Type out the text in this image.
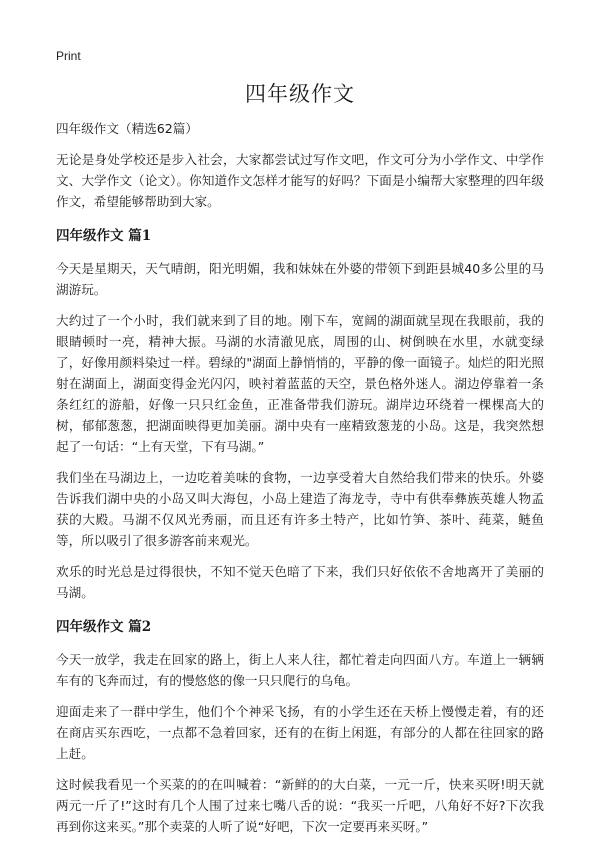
Print
四年级作文

四年级作文（精选62篇）

无论是身处学校还是步入社会，大家都尝试过写作文吧，作文可分为小学作文、中学作文、大学作文（论文）。你知道作文怎样才能写的好吗？下面是小编帮大家整理的四年级作文，希望能够帮助到大家。

四年级作文 篇1

今天是星期天，天气晴朗，阳光明媚，我和妹妹在外婆的带领下到距县城40多公里的马湖游玩。

大约过了一个小时，我们就来到了目的地。刚下车，宽阔的湖面就呈现在我眼前，我的眼睛顿时一亮，精神大振。马湖的水清澈见底，周围的山、树倒映在水里，水就变绿了，好像用颜料染过一样。碧绿的"湖面上静悄悄的，平静的像一面镜子。灿烂的阳光照射在湖面上，湖面变得金光闪闪，映衬着蓝蓝的天空，景色格外迷人。湖边停靠着一条条红红的游船，好像一只只红金鱼，正准备带我们游玩。湖岸边环绕着一棵棵高大的树，郁郁葱葱，把湖面映得更加美丽。湖中央有一座精致葱茏的小岛。这是，我突然想起了一句话：“上有天堂，下有马湖。”

我们坐在马湖边上，一边吃着美味的食物，一边享受着大自然给我们带来的快乐。外婆告诉我们湖中央的小岛又叫大海包，小岛上建造了海龙寺，寺中有供奉彝族英雄人物孟获的大殿。马湖不仅风光秀丽，而且还有许多土特产，比如竹笋、茶叶、莼菜，鲢鱼等，所以吸引了很多游客前来观光。

欢乐的时光总是过得很快，不知不觉天色暗了下来，我们只好依依不舍地离开了美丽的马湖。

四年级作文 篇2

今天一放学，我走在回家的路上，街上人来人往，都忙着走向四面八方。车道上一辆辆车有的飞奔而过，有的慢悠悠的像一只只爬行的乌龟。

迎面走来了一群中学生，他们个个神采飞扬，有的小学生还在天桥上慢慢走着，有的还在商店买东西吃，一点都不急着回家，还有的在街上闲逛，有部分的人都在往回家的路上赶。

这时候我看见一个买菜的的在叫喊着：“新鲜的的大白菜，一元一斤，快来买呀!明天就两元一斤了!”这时有几个人围了过来七嘴八舌的说：“我买一斤吧，八角好不好?下次我再到你这来买。”那个卖菜的人听了说“好吧，下次一定要再来买呀。”
